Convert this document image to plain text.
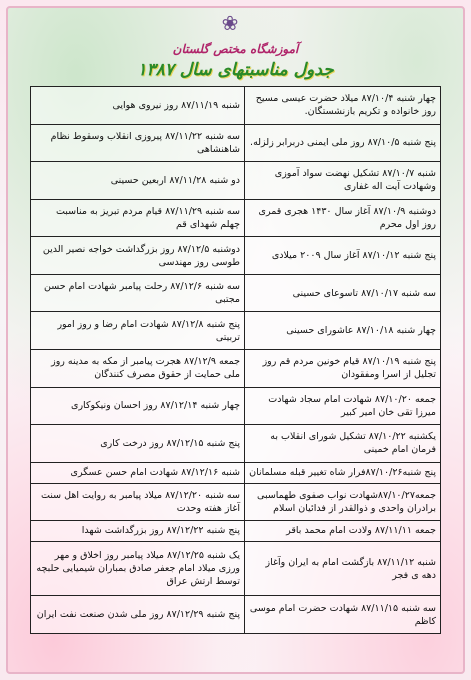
❀
آموزشگاه مختص گلستان
جدول مناسبتهای سال ۱۳۸۷
چهار شنبه ۸۷/۱۰/۴ میلاد حضرت عیسی مسیح روز خانواده و تکریم بازنشستگان.	شنبه ۸۷/۱۱/۱۹ روز نیروی هوایی
پنج شنبه ۸۷/۱۰/۵ روز ملی ایمنی دربرابر زلزله.	سه شنبه ۸۷/۱۱/۲۲ پیروزی انقلاب وسقوط نظام شاهنشاهی
شنبه ۸۷/۱۰/۷ تشکیل نهضت سواد آموزی وشهادت آیت اله غفاری	دو شنبه ۸۷/۱۱/۲۸ اربعین حسینی
دوشنبه ۸۷/۱۰/۹ آغاز سال ۱۴۳۰ هجری قمری روز اول محرم	سه شنبه ۸۷/۱۱/۲۹ قیام مردم تبریز به مناسبت چهلم شهدای قم
پنج شنبه ۸۷/۱۰/۱۲ آغاز سال ۲۰۰۹ میلادی	دوشنبه ۸۷/۱۲/۵ روز بزرگداشت خواجه نصیر الدین طوسی روز مهندسی
سه شنبه ۸۷/۱۰/۱۷ تاسوعای حسینی	سه شنبه ۸۷/۱۲/۶ رحلت پیامبر شهادت امام حسن مجتبی
چهار شنبه ۸۷/۱۰/۱۸ عاشورای حسینی	پنج شنبه ۸۷/۱۲/۸ شهادت امام رضا و روز امور تربیتی
پنج شنبه ۸۷/۱۰/۱۹ قیام خونین مردم قم روز تجلیل از اسرا ومفقودان	جمعه ۸۷/۱۲/۹ هجرت پیامبر از مکه به مدینه روز ملی حمایت از حقوق مصرف کنندگان
جمعه ۸۷/۱۰/۲۰ شهادت امام سجاد شهادت میرزا تقی خان امیر کبیر	چهار شنبه ۸۷/۱۲/۱۴ روز احسان ونیکوکاری
یکشنبه ۸۷/۱۰/۲۲ تشکیل شورای انقلاب به فرمان امام خمینی	پنج شنبه ۸۷/۱۲/۱۵ روز درخت کاری
پنج شنبه۸۷/۱۰/۲۶فرار شاه تغییر قبله مسلمانان	شنبه ۸۷/۱۲/۱۶ شهادت امام حسن عسگری
جمعه۸۷/۱۰/۲۷شهادت نواب صفوی طهماسبی برادران واحدی و ذوالقدر از فدائیان اسلام	سه شنبه ۸۷/۱۲/۲۰ میلاد پیامبر به روایت اهل سنت آغاز هفته وحدت
جمعه ۸۷/۱۱/۱۱ ولادت امام محمد باقر	پنج شنبه ۸۷/۱۲/۲۲ روز بزرگداشت شهدا
شنبه ۸۷/۱۱/۱۲ بازگشت امام به ایران وآغاز دهه ی فجر	یک شنبه ۸۷/۱۲/۲۵ میلاد پیامبر روز اخلاق و مهر ورزی میلاد امام جعفر صادق بمباران شیمیایی حلبچه توسط ارتش عراق
سه شنبه ۸۷/۱۱/۱۵ شهادت حضرت امام موسی کاظم	پنج شنبه ۸۷/۱۲/۲۹ روز ملی شدن صنعت نفت ایران
